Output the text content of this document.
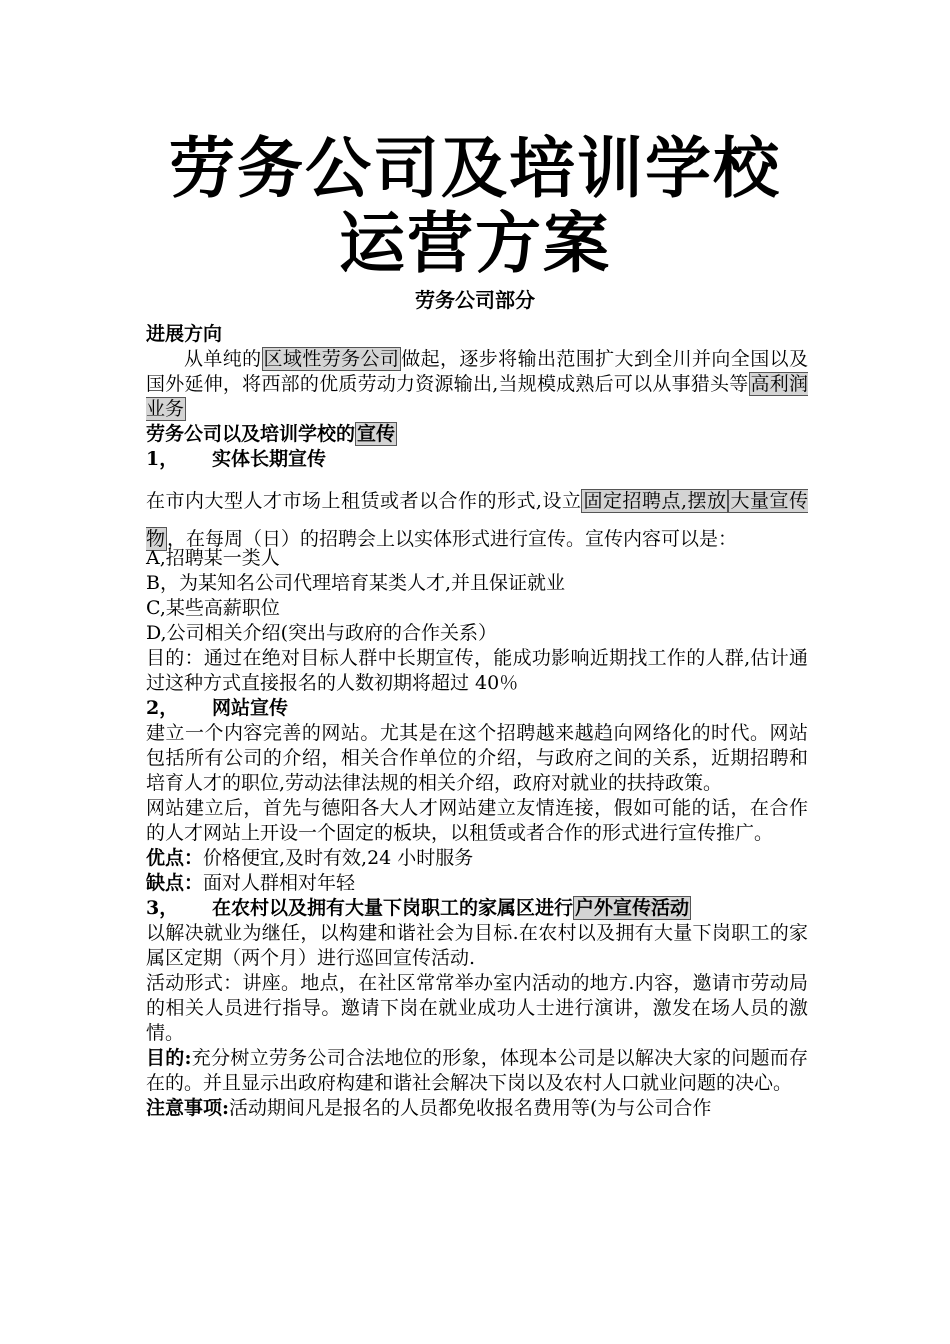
劳务公司及培训学校
运营方案
劳务公司部分

进展方向

从单纯的 区域性劳务公司 做起，逐步将输出范围扩大到全川并向全国以及国外延伸，将西部的优质劳动力资源输出,当规模成熟后可以从事猎头等 高利润业务

劳务公司以及培训学校的 宣传

1， 实体长期宣传

在市内大型人才市场上租赁或者以合作的形式,设立 固定招聘点,摆放 大量宣传物 ，在每周（日）的招聘会上以实体形式进行宣传。宣传内容可以是：

A,招聘某一类人

B，为某知名公司代理培育某类人才,并且保证就业

C,某些高薪职位

D,公司相关介绍(突出与政府的合作关系）

目的：通过在绝对目标人群中长期宣传，能成功影响近期找工作的人群,估计通过这种方式直接报名的人数初期将超过 40％

2， 网站宣传

建立一个内容完善的网站。尤其是在这个招聘越来越趋向网络化的时代。网站包括所有公司的介绍，相关合作单位的介绍，与政府之间的关系，近期招聘和培育人才的职位,劳动法律法规的相关介绍，政府对就业的扶持政策。

网站建立后，首先与德阳各大人才网站建立友情连接，假如可能的话，在合作的人才网站上开设一个固定的板块，以租赁或者合作的形式进行宣传推广。

优点：价格便宜,及时有效,24 小时服务

缺点：面对人群相对年轻

3， 在农村以及拥有大量下岗职工的家属区进行 户外宣传活动

以解决就业为继任，以构建和谐社会为目标.在农村以及拥有大量下岗职工的家属区定期（两个月）进行巡回宣传活动.

活动形式：讲座。地点，在社区常常举办室内活动的地方.内容，邀请市劳动局的相关人员进行指导。邀请下岗在就业成功人士进行演讲，激发在场人员的激情。

目的:充分树立劳务公司合法地位的形象，体现本公司是以解决大家的问题而存在的。并且显示出政府构建和谐社会解决下岗以及农村人口就业问题的决心。

注意事项:活动期间凡是报名的人员都免收报名费用等(为与公司合作
